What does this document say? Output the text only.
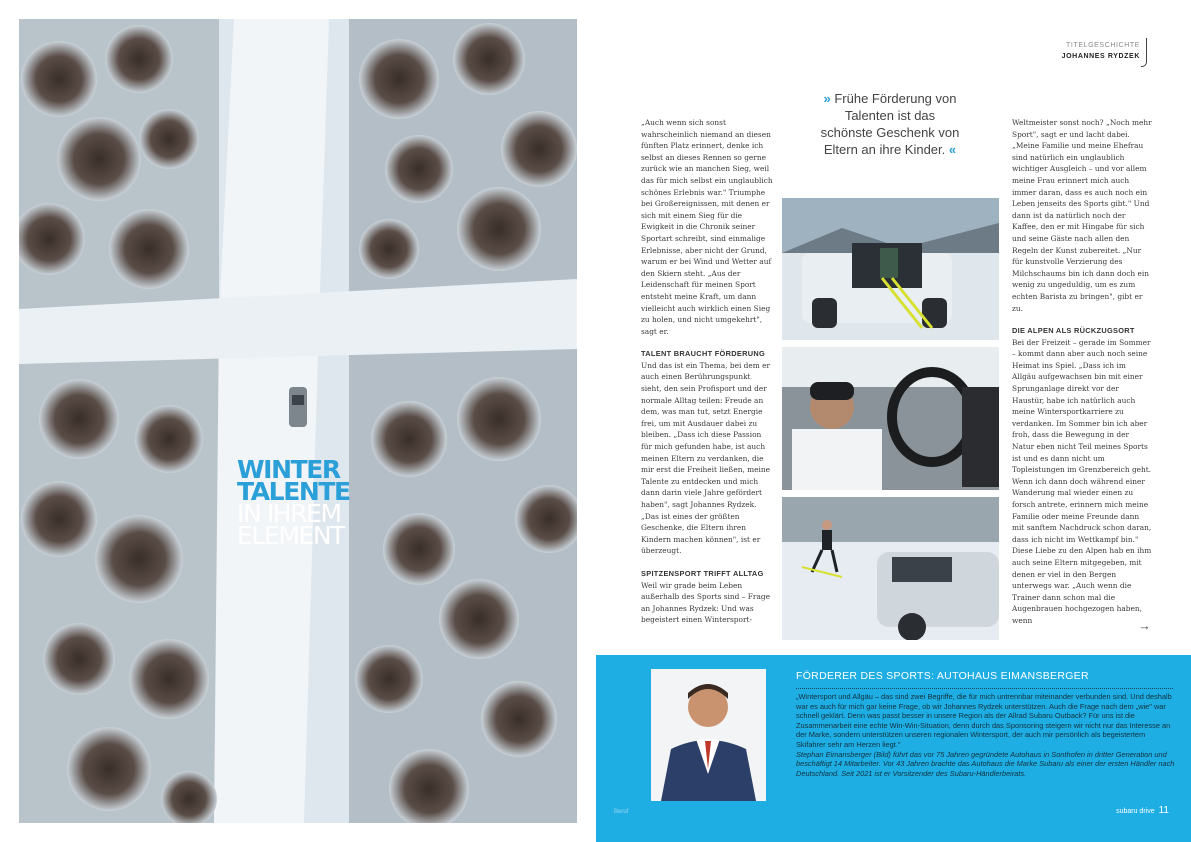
WINTER
TALENTE
IN IHREM
ELEMENT
TITELGESCHICHTE
JOHANNES RYDZEK
» Frühe Förderung von Talenten ist das schönste Geschenk von Eltern an ihre Kinder. «

„Auch wenn sich sonst wahrscheinlich niemand an diesen fünften Platz erinnert, denke ich selbst an dieses Rennen so gerne zurück wie an manchen Sieg, weil das für mich selbst ein unglaublich schönes Erlebnis war." Triumphe bei Großereignissen, mit denen er sich mit einem Sieg für die Ewigkeit in die Chronik seiner Sportart schreibt, sind einmalige Erlebnisse, aber nicht der Grund, warum er bei Wind und Wetter auf den Skiern steht. „Aus der Leidenschaft für meinen Sport entsteht meine Kraft, um dann vielleicht auch wirklich einen Sieg zu holen, und nicht umgekehrt", sagt er.

TALENT BRAUCHT FÖRDERUNG

Und das ist ein Thema, bei dem er auch einen Berührungspunkt sieht, den sein Profisport und der normale Alltag teilen: Freude an dem, was man tut, setzt Energie frei, um mit Ausdauer dabei zu bleiben. „Dass ich diese Passion für mich gefunden habe, ist auch meinen Eltern zu verdanken, die mir erst die Freiheit ließen, meine Talente zu entdecken und mich dann darin viele Jahre gefördert haben", sagt Johannes Rydzek. „Das ist eines der größten Geschenke, die Eltern ihren Kindern machen können", ist er überzeugt.

SPITZENSPORT TRIFFT ALLTAG

Weil wir grade beim Leben außerhalb des Sports sind – Frage an Johannes Rydzek: Und was begeistert einen Wintersport-

Weltmeister sonst noch? „Noch mehr Sport", sagt er und lacht dabei. „Meine Familie und meine Ehefrau sind natürlich ein unglaublich wichtiger Ausgleich – und vor allem meine Frau erinnert mich auch immer daran, dass es auch noch ein Leben jenseits des Sports gibt." Und dann ist da natürlich noch der Kaffee, den er mit Hingabe für sich und seine Gäste nach allen den Regeln der Kunst zubereitet. „Nur für kunstvolle Verzierung des Milchschaums bin ich dann doch ein wenig zu ungeduldig, um es zum echten Barista zu bringen", gibt er zu.

DIE ALPEN ALS RÜCKZUGSORT

Bei der Freizeit – gerade im Sommer – kommt dann aber auch noch seine Heimat ins Spiel. „Dass ich im Allgäu aufgewachsen bin mit einer Sprunganlage direkt vor der Haustür, habe ich natürlich auch meine Wintersportkarriere zu verdanken. Im Sommer bin ich aber froh, dass die Bewegung in der Natur eben nicht Teil meines Sports ist und es dann nicht um Topleistungen im Grenzbereich geht. Wenn ich dann doch während einer Wanderung mal wieder einen zu forsch antrete, erinnern mich meine Familie oder meine Freunde dann mit sanftem Nachdruck schon daran, dass ich nicht im Wettkampf bin." Diese Liebe zu den Alpen hab en ihm auch seine Eltern mitgegeben, mit denen er viel in den Bergen unterwegs war. „Auch wenn die Trainer dann schon mal die Augenbrauen hochgezogen haben, wenn	→
FÖRDERER DES SPORTS: AUTOHAUS EIMANSBERGER

„Wintersport und Allgäu – das sind zwei Begriffe, die für mich untrennbar miteinander verbunden sind. Und deshalb war es auch für mich gar keine Frage, ob wir Johannes Rydzek unterstützen. Auch die Frage nach dem „wie" war schnell geklärt. Denn was passt besser in unsere Region als der Allrad Subaru Outback? Für uns ist die Zusammenarbeit eine echte Win-Win-Situation, denn durch das Sponsoring steigern wir nicht nur das Interesse an der Marke, sondern unterstützen unseren regionalen Wintersport, der auch mir persönlich als begeistertem Skifahrer sehr am Herzen liegt."

Stephan Eimansberger (Bild) führt das vor 75 Jahren gegründete Autohaus in Sonthofen in dritter Generation und beschäftigt 14 Mitarbeiter. Vor 43 Jahren brachte das Autohaus die Marke Subaru als einer der ersten Händler nach Deutschland. Seit 2021 ist er Vorsitzender des Subaru-Händlerbeirats.

Beruf	subaru drive 11
